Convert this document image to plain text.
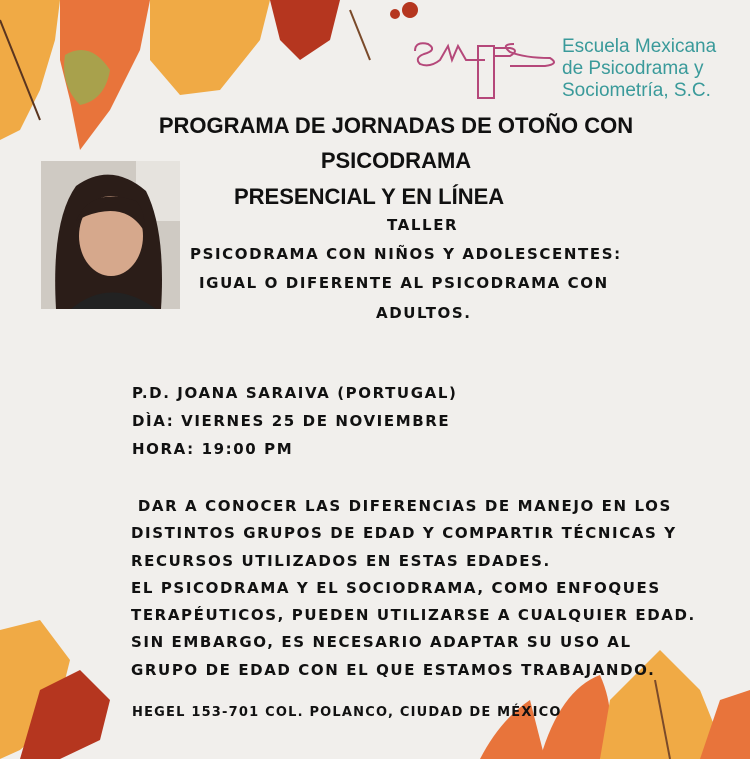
Escuela Mexicana
de Psicodrama y
Sociometría, S.C.
PROGRAMA DE JORNADAS DE OTOÑO CON
PSICODRAMA
PRESENCIAL Y EN LÍNEA
TALLER
PSICODRAMA CON NIÑOS Y ADOLESCENTES:
IGUAL O DIFERENTE AL PSICODRAMA CON
ADULTOS.
P.D. JOANA SARAIVA (PORTUGAL)
DÌA: VIERNES 25 DE NOVIEMBRE
HORA: 19:00 PM
DAR A CONOCER LAS DIFERENCIAS DE MANEJO EN LOS
DISTINTOS GRUPOS DE EDAD Y COMPARTIR TÉCNICAS Y
RECURSOS UTILIZADOS EN ESTAS EDADES.
EL PSICODRAMA Y EL SOCIODRAMA, COMO ENFOQUES
TERAPÉUTICOS, PUEDEN UTILIZARSE A CUALQUIER EDAD.
SIN EMBARGO, ES NECESARIO ADAPTAR SU USO AL
GRUPO DE EDAD CON EL QUE ESTAMOS TRABAJANDO.
HEGEL 153-701 COL. POLANCO, CIUDAD DE MÉXICO
